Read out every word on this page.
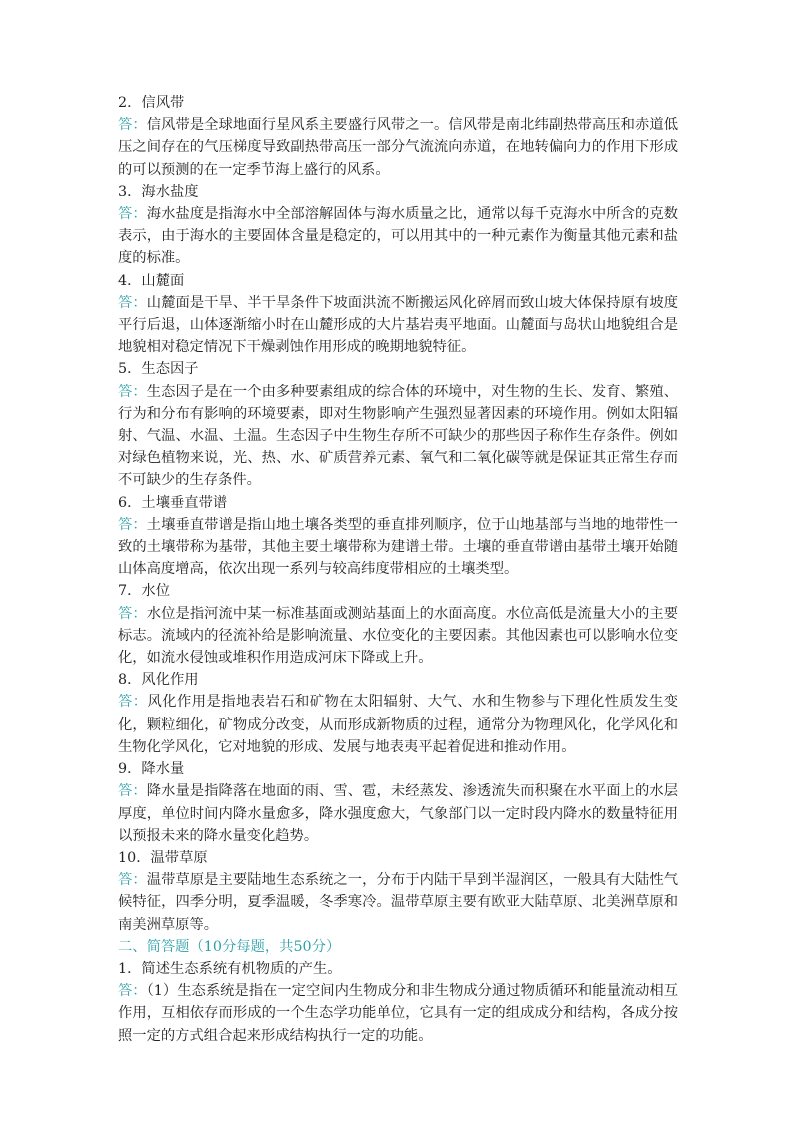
2．信风带

答：信风带是全球地面行星风系主要盛行风带之一。信风带是南北纬副热带高压和赤道低压之间存在的气压梯度导致副热带高压一部分气流流向赤道，在地转偏向力的作用下形成的可以预测的在一定季节海上盛行的风系。

3．海水盐度

答：海水盐度是指海水中全部溶解固体与海水质量之比，通常以每千克海水中所含的克数表示，由于海水的主要固体含量是稳定的，可以用其中的一种元素作为衡量其他元素和盐度的标准。

4．山麓面

答：山麓面是干旱、半干旱条件下坡面洪流不断搬运风化碎屑而致山坡大体保持原有坡度平行后退，山体逐渐缩小时在山麓形成的大片基岩夷平地面。山麓面与岛状山地貌组合是地貌相对稳定情况下干燥剥蚀作用形成的晚期地貌特征。

5．生态因子

答：生态因子是在一个由多种要素组成的综合体的环境中，对生物的生长、发育、繁殖、行为和分布有影响的环境要素，即对生物影响产生强烈显著因素的环境作用。例如太阳辐射、气温、水温、土温。生态因子中生物生存所不可缺少的那些因子称作生存条件。例如对绿色植物来说，光、热、水、矿质营养元素、氧气和二氧化碳等就是保证其正常生存而不可缺少的生存条件。

6．土壤垂直带谱

答：土壤垂直带谱是指山地土壤各类型的垂直排列顺序，位于山地基部与当地的地带性一致的土壤带称为基带，其他主要土壤带称为建谱土带。土壤的垂直带谱由基带土壤开始随山体高度增高，依次出现一系列与较高纬度带相应的土壤类型。

7．水位

答：水位是指河流中某一标准基面或测站基面上的水面高度。水位高低是流量大小的主要标志。流域内的径流补给是影响流量、水位变化的主要因素。其他因素也可以影响水位变化，如流水侵蚀或堆积作用造成河床下降或上升。

8．风化作用

答：风化作用是指地表岩石和矿物在太阳辐射、大气、水和生物参与下理化性质发生变化，颗粒细化，矿物成分改变，从而形成新物质的过程，通常分为物理风化，化学风化和生物化学风化，它对地貌的形成、发展与地表夷平起着促进和推动作用。

9．降水量

答：降水量是指降落在地面的雨、雪、雹，未经蒸发、渗透流失而积聚在水平面上的水层厚度，单位时间内降水量愈多，降水强度愈大，气象部门以一定时段内降水的数量特征用以预报未来的降水量变化趋势。

10．温带草原

答：温带草原是主要陆地生态系统之一，分布于内陆干旱到半湿润区，一般具有大陆性气候特征，四季分明，夏季温暖，冬季寒冷。温带草原主要有欧亚大陆草原、北美洲草原和南美洲草原等。

二、简答题（10分每题，共50分）

1．简述生态系统有机物质的产生。

答：（1）生态系统是指在一定空间内生物成分和非生物成分通过物质循环和能量流动相互作用，互相依存而形成的一个生态学功能单位，它具有一定的组成成分和结构，各成分按照一定的方式组合起来形成结构执行一定的功能。
